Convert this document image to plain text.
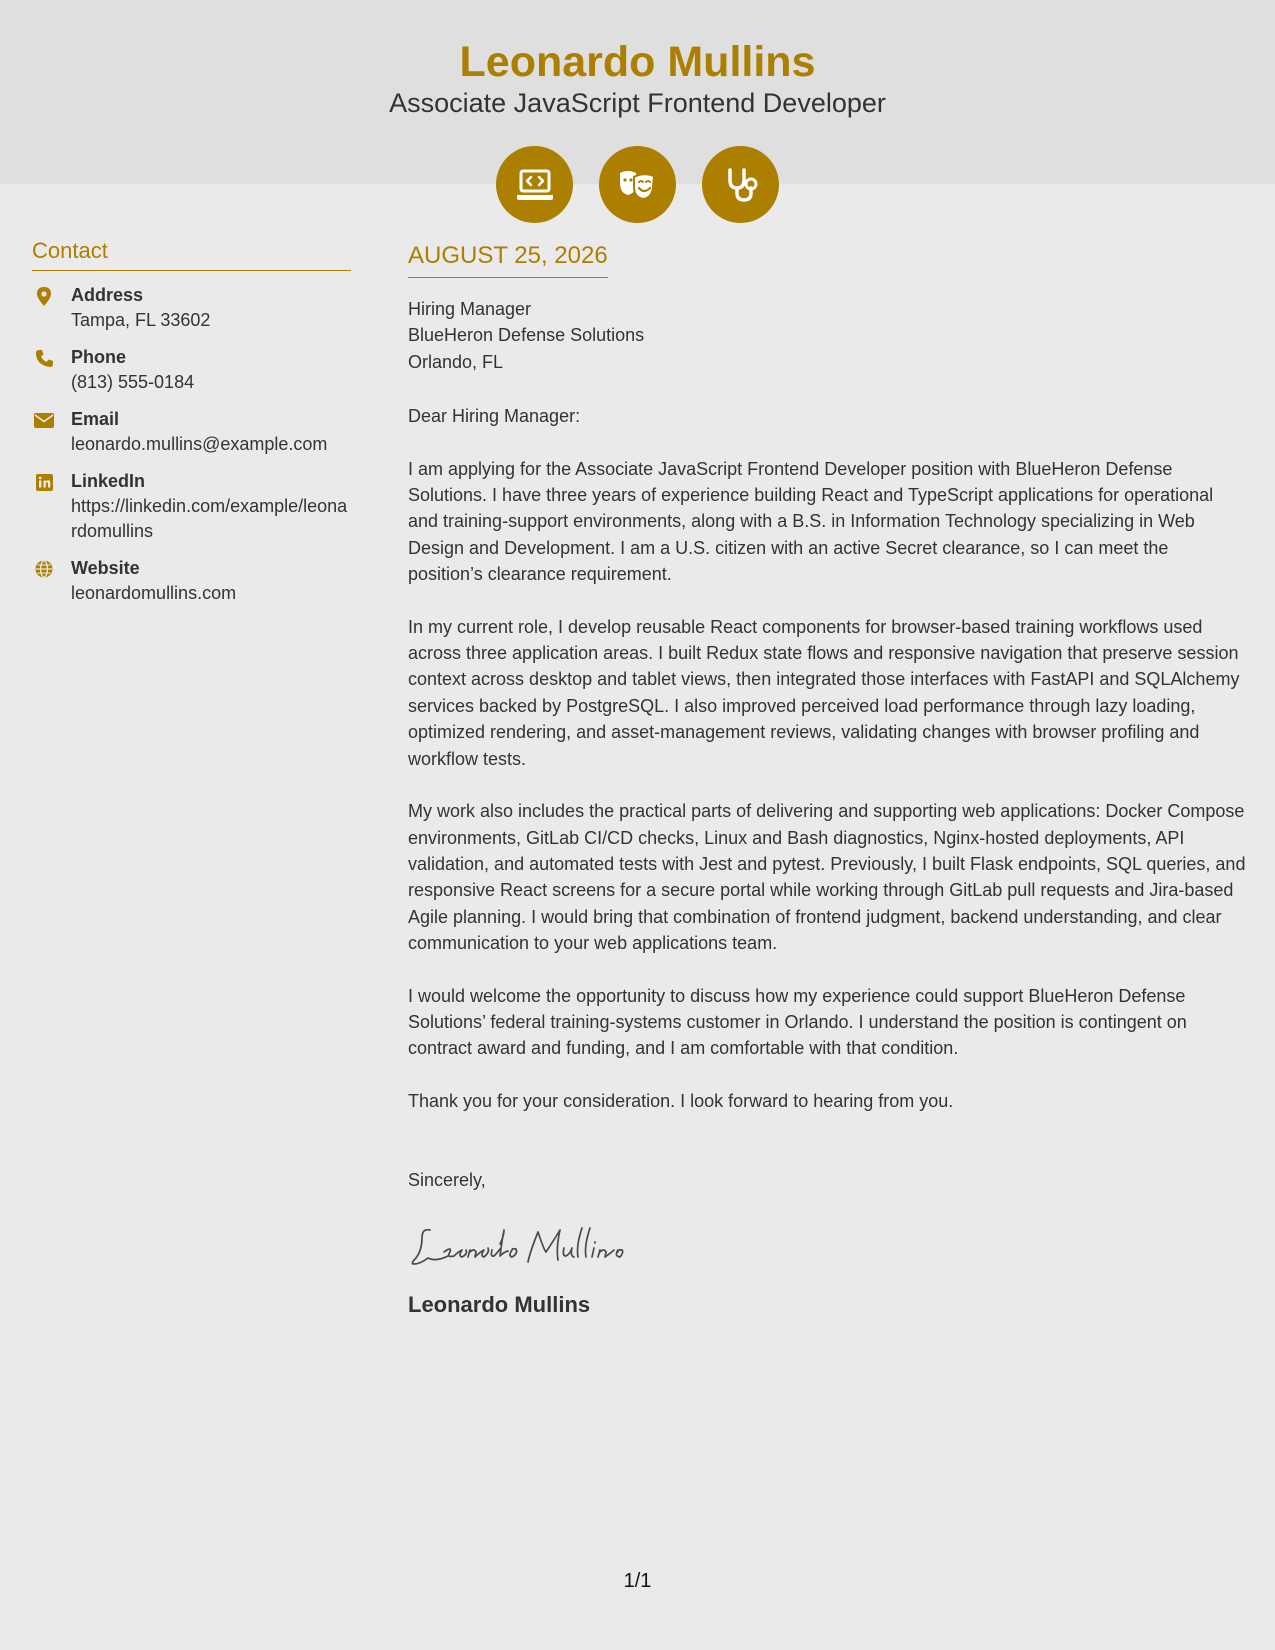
Leonardo Mullins
Associate JavaScript Frontend Developer
Contact
Address
Tampa, FL 33602
Phone
(813) 555-0184
Email
leonardo.mullins@example.com
LinkedIn
https://linkedin.com/example/leonardomullins
Website
leonardomullins.com
AUGUST 25, 2026
Hiring Manager
BlueHeron Defense Solutions
Orlando, FL
Dear Hiring Manager:

I am applying for the Associate JavaScript Frontend Developer position with BlueHeron Defense Solutions. I have three years of experience building React and TypeScript applications for operational and training-support environments, along with a B.S. in Information Technology specializing in Web Design and Development. I am a U.S. citizen with an active Secret clearance, so I can meet the position’s clearance requirement.

In my current role, I develop reusable React components for browser-based training workflows used across three application areas. I built Redux state flows and responsive navigation that preserve session context across desktop and tablet views, then integrated those interfaces with FastAPI and SQLAlchemy services backed by PostgreSQL. I also improved perceived load performance through lazy loading, optimized rendering, and asset-management reviews, validating changes with browser profiling and workflow tests.

My work also includes the practical parts of delivering and supporting web applications: Docker Compose environments, GitLab CI/CD checks, Linux and Bash diagnostics, Nginx-hosted deployments, API validation, and automated tests with Jest and pytest. Previously, I built Flask endpoints, SQL queries, and responsive React screens for a secure portal while working through GitLab pull requests and Jira-based Agile planning. I would bring that combination of frontend judgment, backend understanding, and clear communication to your web applications team.

I would welcome the opportunity to discuss how my experience could support BlueHeron Defense Solutions’ federal training-systems customer in Orlando. I understand the position is contingent on contract award and funding, and I am comfortable with that condition.

Thank you for your consideration. I look forward to hearing from you.

Sincerely,
Leonardo Mullins
1/1
